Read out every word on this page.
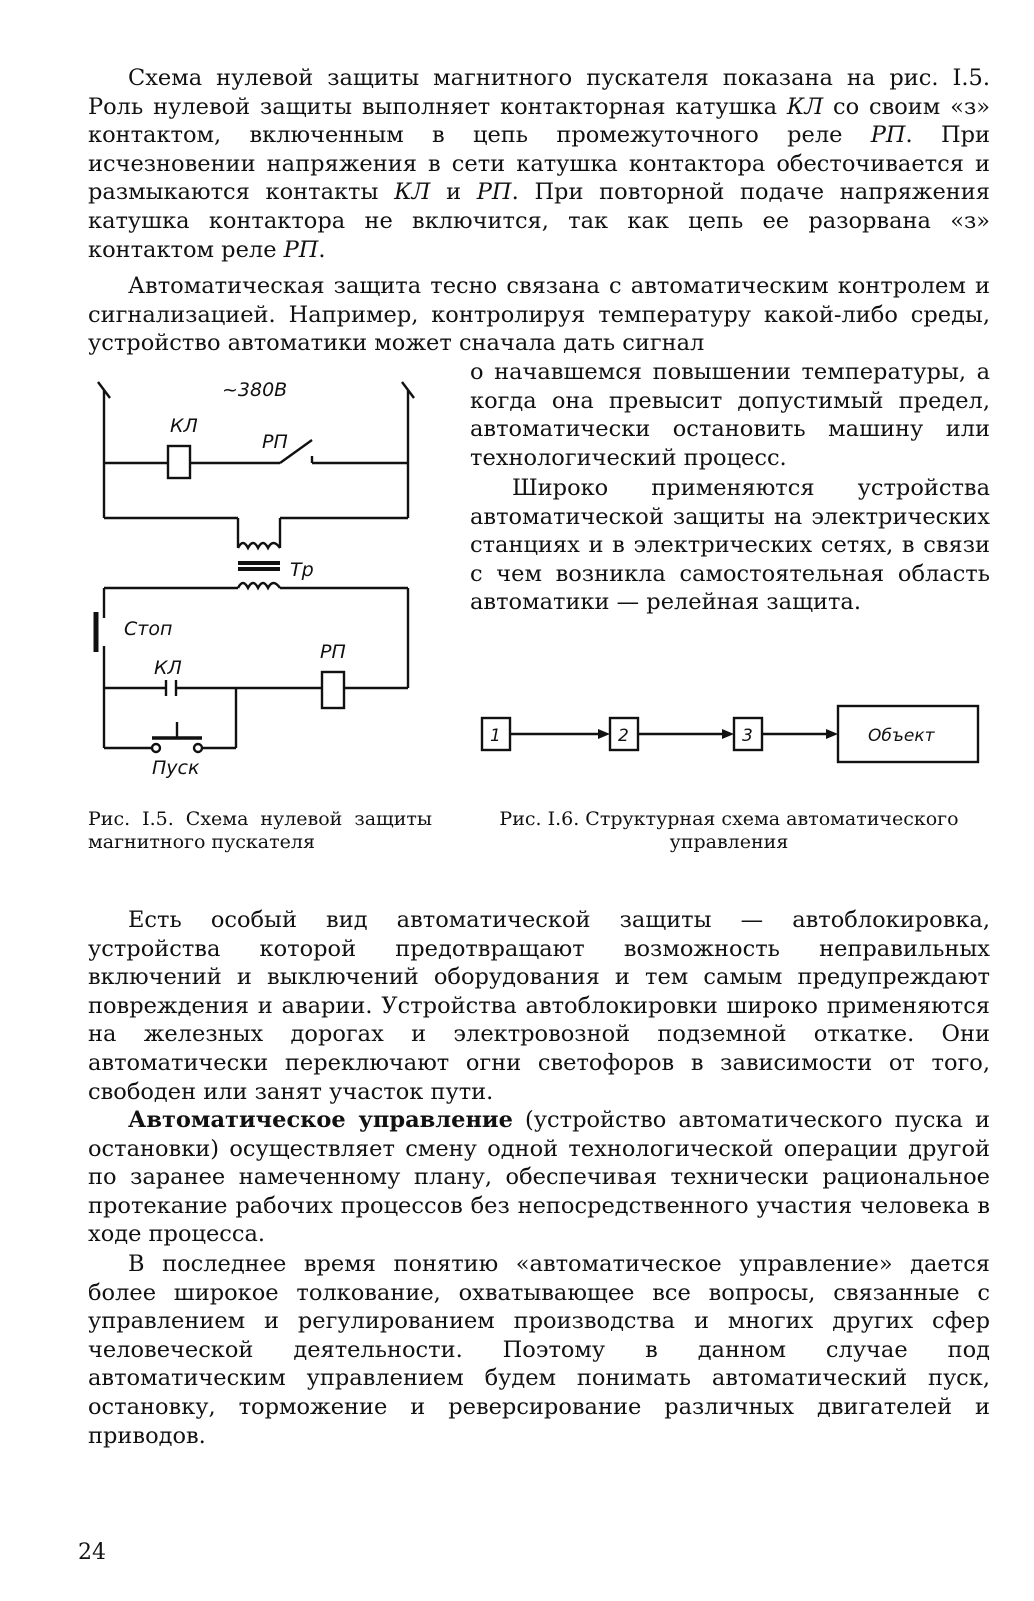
Схема нулевой защиты магнитного пускателя показана на рис. I.5. Роль нулевой защиты выполняет контакторная катушка КЛ со своим «з» контактом, включенным в цепь промежуточного реле РП. При исчезновении напряжения в сети катушка контактора обесточивается и размыкаются контакты КЛ и РП. При повторной подаче напряжения катушка контактора не включится, так как цепь ее разорвана «з» контактом реле РП.

Автоматическая защита тесно связана с автоматическим контролем и сигнализацией. Например, контролируя температуру какой-либо среды, устройство автоматики может сначала дать сигнал

о начавшемся повышении температуры, а когда она превысит допустимый предел, автоматически остановить машину или технологический процесс.

Широко применяются устройства автоматической защиты на электрических станциях и в электрических сетях, в связи с чем возникла самостоятельная область автоматики — релейная защита.

~380В
КЛ
РП
Тр
Стоп
РП
КЛ
Пуск
1	2	3	Объект

Рис. I.5. Схема нулевой защиты магнитного пускателя

Рис. I.6. Структурная схема автоматического управления

Есть особый вид автоматической защиты — автоблокировка, устройства которой предотвращают возможность неправильных включений и выключений оборудования и тем самым предупреждают повреждения и аварии. Устройства автоблокировки широко применяются на железных дорогах и электровозной подземной откатке. Они автоматически переключают огни светофоров в зависимости от того, свободен или занят участок пути.

Автоматическое управление (устройство автоматического пуска и остановки) осуществляет смену одной технологической операции другой по заранее намеченному плану, обеспечивая технически рациональное протекание рабочих процессов без непосредственного участия человека в ходе процесса.

В последнее время понятию «автоматическое управление» дается более широкое толкование, охватывающее все вопросы, связанные с управлением и регулированием производства и многих других сфер человеческой деятельности. Поэтому в данном случае под автоматическим управлением будем понимать автоматический пуск, остановку, торможение и реверсирование различных двигателей и приводов.

24
